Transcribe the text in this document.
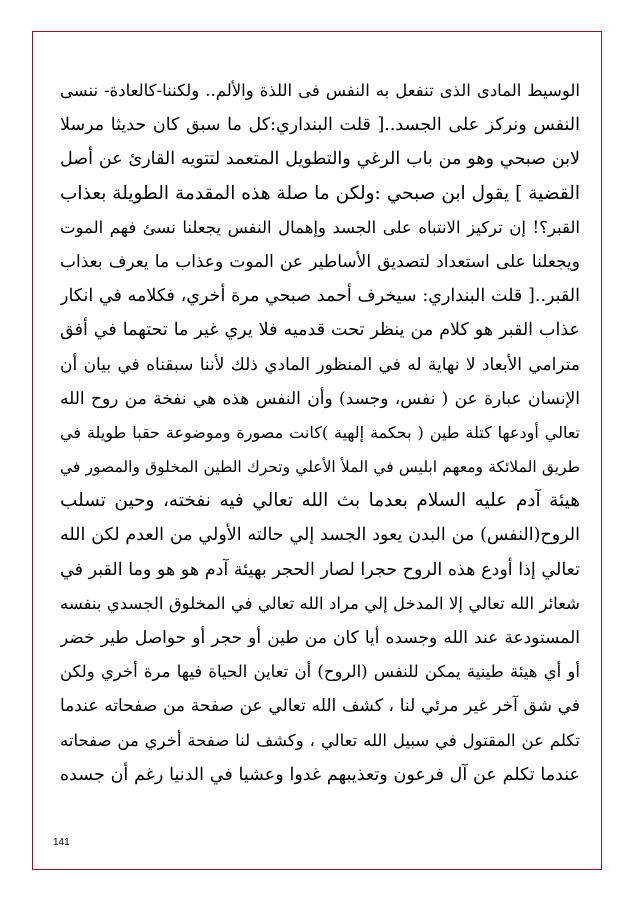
الوسيط المادى الذى تنفعل به النفس فى اللذة والألم.. ولكننا-كالعادة- ننسى
النفس ونركز على الجسد..[ قلت البنداري:كل ما سبق كان حديثا مرسلا
لابن صبحي وهو من باب الرغي والتطويل المتعمد لتتويه القارئ عن أصل
القضية ] يقول ابن صبحي :ولكن ما صلة هذه المقدمة الطويلة بعذاب
القبر؟! إن تركيز الانتباه على الجسد وإهمال النفس يجعلنا نسئ فهم الموت
ويجعلنا على استعداد لتصديق الأساطير عن الموت وعذاب ما يعرف بعذاب
القبر..[ قلت البنداري: سيخرف أحمد صبحي مرة أخري، فكلامه في انكار
عذاب القبر هو كلام من ينظر تحت قدميه فلا يري غير ما تحتهما في أفق
مترامي الأبعاد لا نهاية له في المنظور المادي ذلك لأننا سبقناه في بيان أن
الإنسان عبارة عن ( نفس، وجسد) وأن النفس هذه هي نفخة من روح الله
تعالي أودعها كتلة طين ( بحكمة إلهية )كانت مصورة وموضوعة حقبا طويلة في
طريق الملائكة ومعهم ابليس في الملأ الأعلي وتحرك الطين المخلوق والمصور في
هيئة آدم عليه السلام بعدما بث الله تعالي فيه نفخته، وحين تسلب
الروح(النفس) من البدن يعود الجسد إلي حالته الأولي من العدم لكن الله
تعالي إذا أودع هذه الروح حجرا لصار الحجر بهيئة آدم هو هو وما القبر في
شعائر الله تعالي إلا المدخل إلي مراد الله تعالي في المخلوق الجسدي بنفسه
المستودعة عند الله وجسده أيا كان من طين أو حجر أو حواصل طير خضر
أو أي هيئة طينية يمكن للنفس (الروح) أن تعاين الحياة فيها مرة أخري ولكن
في شق آخر غير مرئي لنا ، كشف الله تعالي عن صفحة من صفحاته عندما
تكلم عن المقتول في سبيل الله تعالي ، وكشف لنا صفحة أخري من صفحاته
عندما تكلم عن آل فرعون وتعذيبهم غدوا وعشيا في الدنيا رغم أن جسده
141
